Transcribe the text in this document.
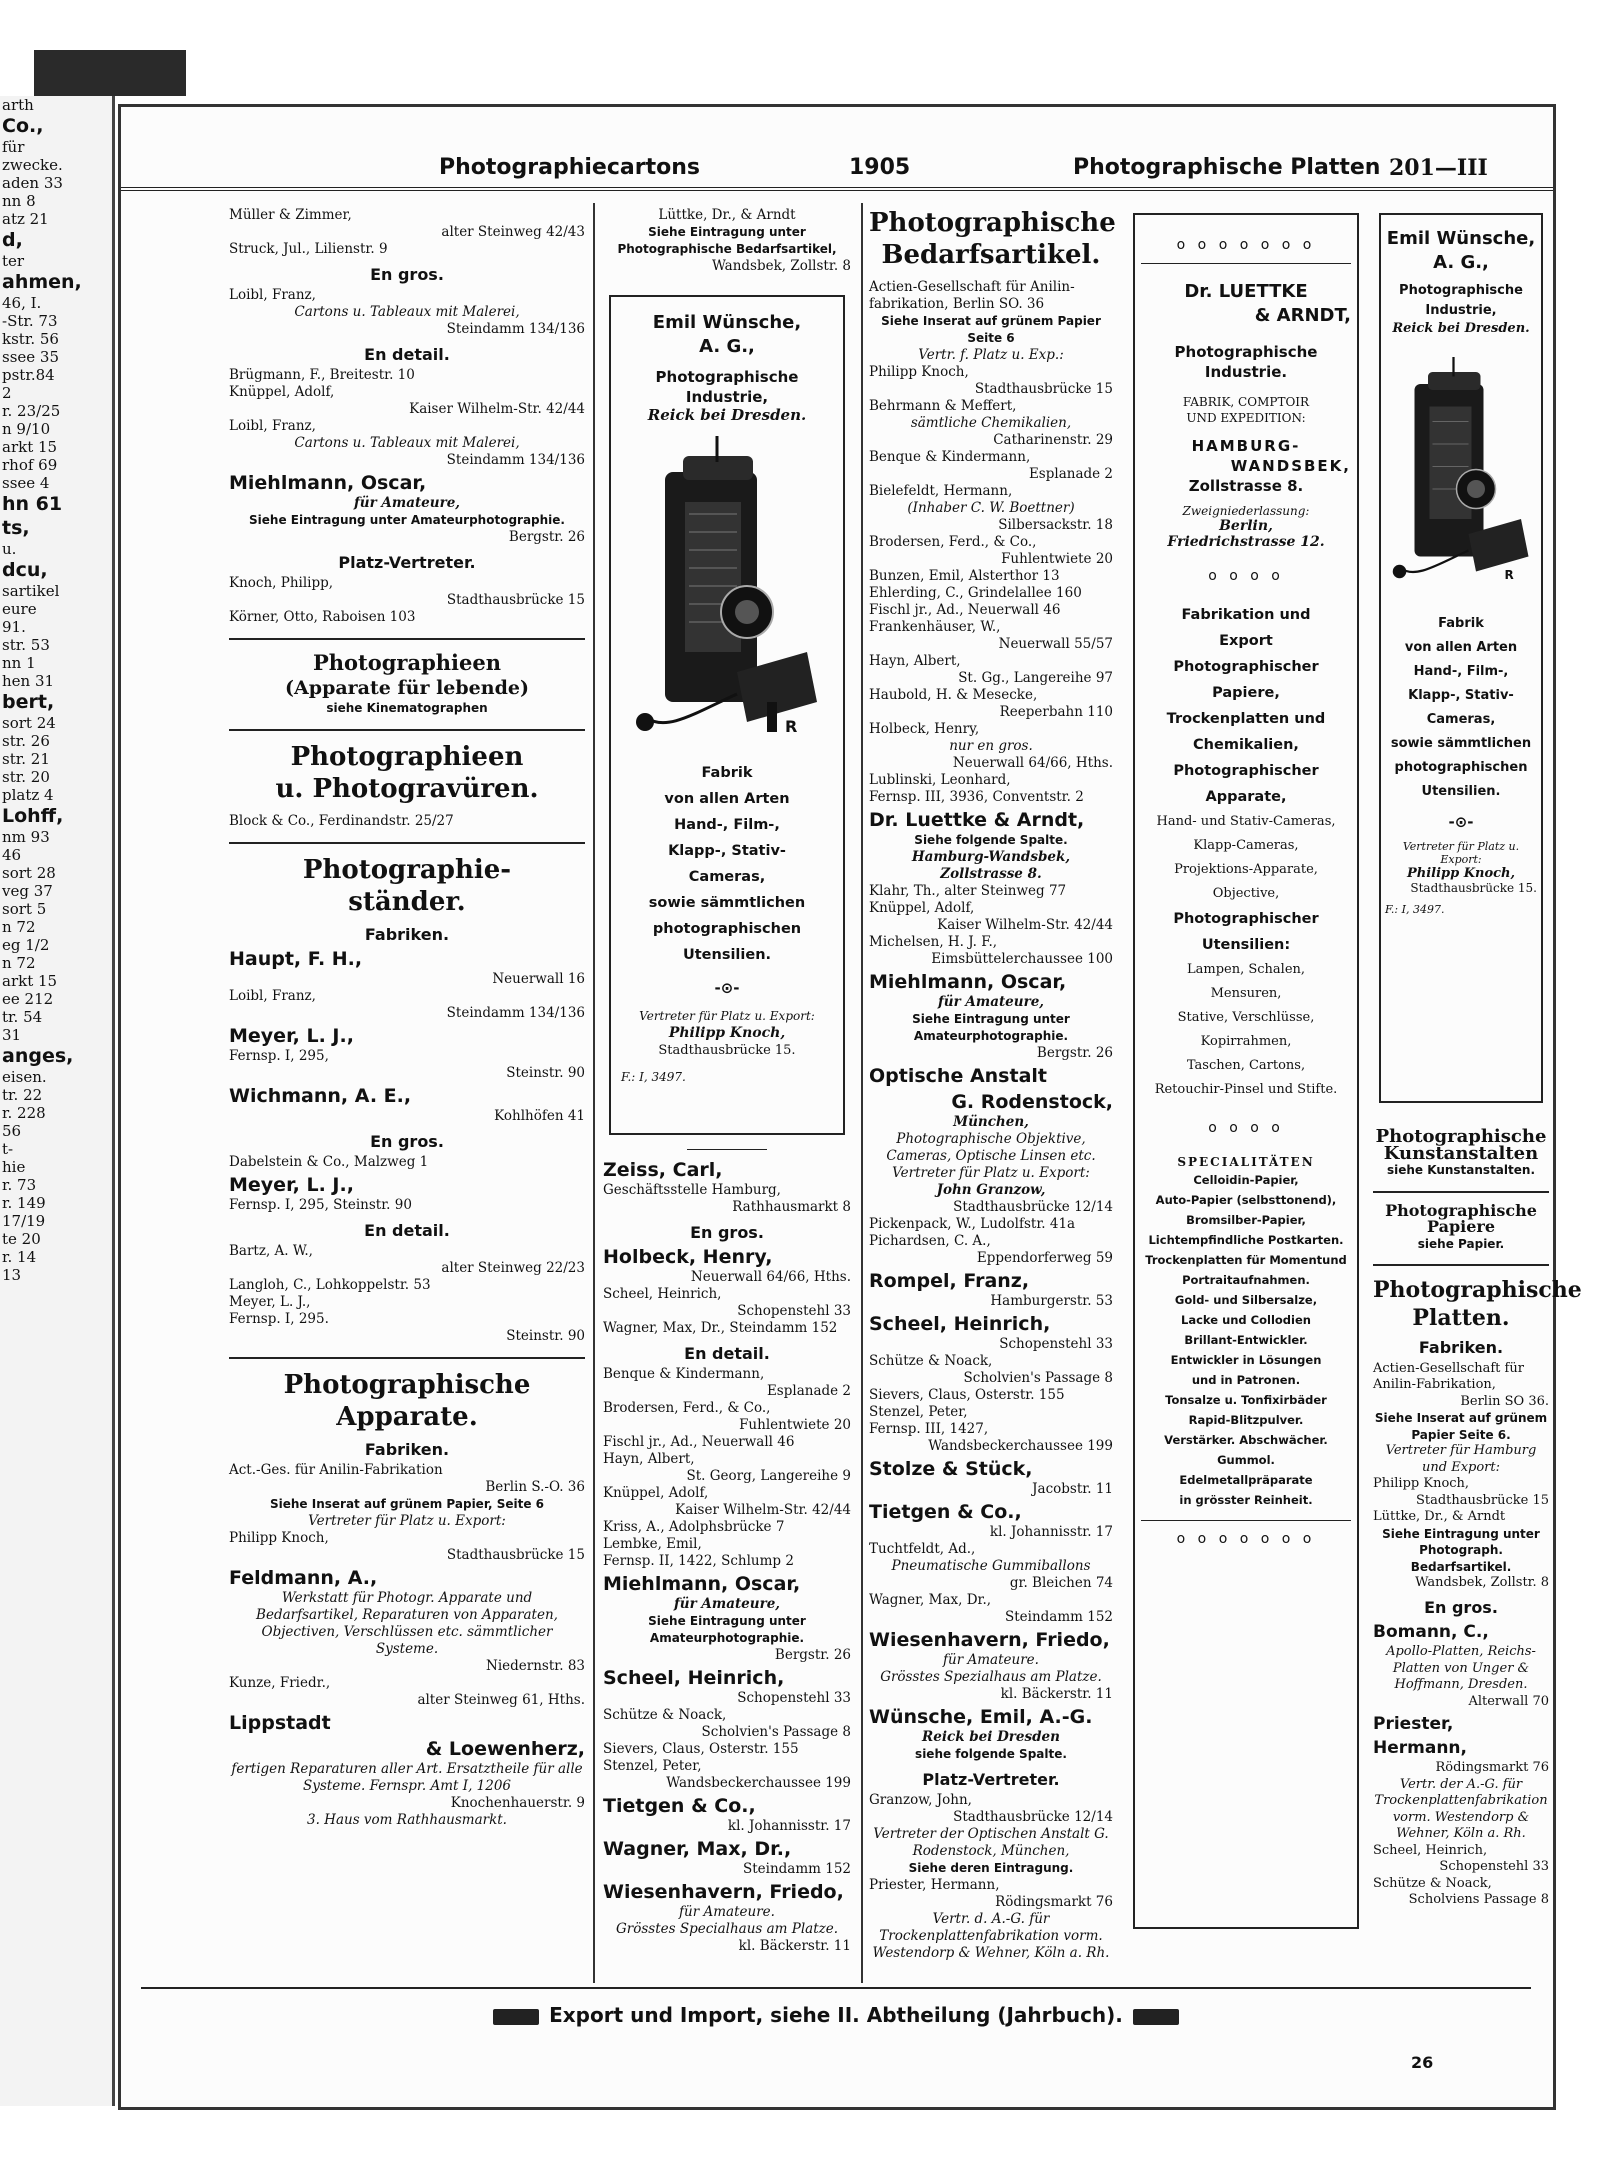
arth
Co.,
für
zwecke.
aden 33
nn 8
atz 21
d,
ter
ahmen,
46, I.
-Str. 73
kstr. 56
ssee 35
pstr.84
2
r. 23/25
n 9/10
arkt 15
rhof 69
ssee 4
hn 61
ts,
u.
dcu,
sartikel
eure
91.
str. 53
nn 1
hen 31
bert,
sort 24
str. 26
str. 21
str. 20
platz 4
Lohff,
nm 93
46
sort 28
veg 37
sort 5
n 72
eg 1/2
n 72
arkt 15
ee 212
tr. 54
31
anges,
eisen.
tr. 22
r. 228
56
t-
hie
r. 73
r. 149
17/19
te 20
r. 14
13
Photographiecartons	1905	Photographische Platten 201—III
Müller & Zimmer,
alter Steinweg 42/43
Struck, Jul., Lilienstr. 9
En gros.
Loibl, Franz,
Cartons u. Tableaux mit Malerei,
Steindamm 134/136
En detail.
Brügmann, F., Breitestr. 10
Knüppel, Adolf,
Kaiser Wilhelm-Str. 42/44
Loibl, Franz,
Cartons u. Tableaux mit Malerei,
Steindamm 134/136
Miehlmann, Oscar,
für Amateure,
Siehe Eintragung unter Amateurphotographie.
Bergstr. 26
Platz-Vertreter.
Knoch, Philipp,
Stadthausbrücke 15
Körner, Otto, Raboisen 103
Photographieen
(Apparate für lebende)
siehe Kinematographen
Photographieen
u. Photogravüren.
Block & Co., Ferdinandstr. 25/27
Photographie-
ständer.
Fabriken.
Haupt, F. H.,
Neuerwall 16
Loibl, Franz,
Steindamm 134/136
Meyer, L. J.,
Fernsp. I, 295,
Steinstr. 90
Wichmann, A. E.,
Kohlhöfen 41
En gros.
Dabelstein & Co., Malzweg 1
Meyer, L. J.,
Fernsp. I, 295, Steinstr. 90
En detail.
Bartz, A. W.,
alter Steinweg 22/23
Langloh, C., Lohkoppelstr. 53
Meyer, L. J.,
Fernsp. I, 295.
Steinstr. 90
Photographische
Apparate.
Fabriken.
Act.-Ges. für Anilin-Fabrikation
Berlin S.-O. 36
Siehe Inserat auf grünem Papier, Seite 6
Vertreter für Platz u. Export:
Philipp Knoch,
Stadthausbrücke 15
Feldmann, A.,
Werkstatt für Photogr. Apparate und Bedarfsartikel, Reparaturen von Apparaten, Objectiven, Verschlüssen etc. sämmtlicher Systeme.
Niedernstr. 83
Kunze, Friedr.,
alter Steinweg 61, Hths.
Lippstadt
& Loewenherz,
fertigen Reparaturen aller Art. Ersatztheile für alle Systeme. Fernspr. Amt I, 1206
Knochenhauerstr. 9
3. Haus vom Rathhausmarkt.
Lüttke, Dr., & Arndt
Siehe Eintragung unter Photographische Bedarfsartikel,
Wandsbek, Zollstr. 8
Emil Wünsche,
A. G.,
Photographische
Industrie,
Reick bei Dresden.
R
Fabrik
von allen Arten
Hand-, Film-,
Klapp-, Stativ-
Cameras,
sowie sämmtlichen
photographischen
Utensilien.
-⊙-
Vertreter für Platz u. Export:
Philipp Knoch,
Stadthausbrücke 15.
F.: I, 3497.
Zeiss, Carl,
Geschäftsstelle Hamburg,
Rathhausmarkt 8
En gros.
Holbeck, Henry,
Neuerwall 64/66, Hths.
Scheel, Heinrich,
Schopenstehl 33
Wagner, Max, Dr., Steindamm 152
En detail.
Benque & Kindermann,
Esplanade 2
Brodersen, Ferd., & Co.,
Fuhlentwiete 20
Fischl jr., Ad., Neuerwall 46
Hayn, Albert,
St. Georg, Langereihe 9
Knüppel, Adolf,
Kaiser Wilhelm-Str. 42/44
Kriss, A., Adolphsbrücke 7
Lembke, Emil,
Fernsp. II, 1422, Schlump 2
Miehlmann, Oscar,
für Amateure,
Siehe Eintragung unter Amateurphotographie.
Bergstr. 26
Scheel, Heinrich,
Schopenstehl 33
Schütze & Noack,
Scholvien's Passage 8
Sievers, Claus, Osterstr. 155
Stenzel, Peter,
Wandsbeckerchaussee 199
Tietgen & Co.,
kl. Johannisstr. 17
Wagner, Max, Dr.,
Steindamm 152
Wiesenhavern, Friedo,
für Amateure.
Grösstes Specialhaus am Platze.
kl. Bäckerstr. 11
Photographische
Bedarfsartikel.
Actien-Gesellschaft für Anilin-fabrikation, Berlin SO. 36
Siehe Inserat auf grünem Papier Seite 6
Vertr. f. Platz u. Exp.:
Philipp Knoch,
Stadthausbrücke 15
Behrmann & Meffert,
sämtliche Chemikalien,
Catharinenstr. 29
Benque & Kindermann,
Esplanade 2
Bielefeldt, Hermann,
(Inhaber C. W. Boettner)
Silbersackstr. 18
Brodersen, Ferd., & Co.,
Fuhlentwiete 20
Bunzen, Emil, Alsterthor 13
Ehlerding, C., Grindelallee 160
Fischl jr., Ad., Neuerwall 46
Frankenhäuser, W.,
Neuerwall 55/57
Hayn, Albert,
St. Gg., Langereihe 97
Haubold, H. & Mesecke,
Reeperbahn 110
Holbeck, Henry,
nur en gros.
Neuerwall 64/66, Hths.
Lublinski, Leonhard,
Fernsp. III, 3936, Conventstr. 2
Dr. Luettke & Arndt,
Siehe folgende Spalte.
Hamburg-Wandsbek, Zollstrasse 8.
Klahr, Th., alter Steinweg 77
Knüppel, Adolf,
Kaiser Wilhelm-Str. 42/44
Michelsen, H. J. F.,
Eimsbüttelerchaussee 100
Miehlmann, Oscar,
für Amateure,
Siehe Eintragung unter Amateurphotographie.
Bergstr. 26
Optische Anstalt
G. Rodenstock,
München,
Photographische Objektive, Cameras, Optische Linsen etc.
Vertreter für Platz u. Export:
John Granzow,
Stadthausbrücke 12/14
Pickenpack, W., Ludolfstr. 41a
Pichardsen, C. A.,
Eppendorferweg 59
Rompel, Franz,
Hamburgerstr. 53
Scheel, Heinrich,
Schopenstehl 33
Schütze & Noack,
Scholvien's Passage 8
Sievers, Claus, Osterstr. 155
Stenzel, Peter,
Fernsp. III, 1427,
Wandsbeckerchaussee 199
Stolze & Stück,
Jacobstr. 11
Tietgen & Co.,
kl. Johannisstr. 17
Tuchtfeldt, Ad.,
Pneumatische Gummiballons
gr. Bleichen 74
Wagner, Max, Dr.,
Steindamm 152
Wiesenhavern, Friedo,
für Amateure.
Grösstes Spezialhaus am Platze.
kl. Bäckerstr. 11
Wünsche, Emil, A.-G.
Reick bei Dresden
siehe folgende Spalte.
Platz-Vertreter.
Granzow, John,
Stadthausbrücke 12/14
Vertreter der Optischen Anstalt G. Rodenstock, München,
Siehe deren Eintragung.
Priester, Hermann,
Rödingsmarkt 76
Vertr. d. A.-G. für Trockenplattenfabrikation vorm. Westendorp & Wehner, Köln a. Rh.
o o o o o o o
Dr. LUETTKE
& ARNDT,
Photographische
Industrie.
FABRIK, COMPTOIR
UND EXPEDITION:
HAMBURG-
WANDSBEK,
Zollstrasse 8.
Zweigniederlassung:
Berlin,
Friedrichstrasse 12.
o o o o
Fabrikation und
Export
Photographischer
Papiere,
Trockenplatten und
Chemikalien,
Photographischer
Apparate,
Hand- und Stativ-Cameras,
Klapp-Cameras,
Projektions-Apparate,
Objective,
Photographischer
Utensilien:
Lampen, Schalen,
Mensuren,
Stative, Verschlüsse,
Kopirrahmen,
Taschen, Cartons,
Retouchir-Pinsel und Stifte.
o o o o
SPECIALITÄTEN
Celloidin-Papier,
Auto-Papier (selbsttonend),
Bromsilber-Papier, Lichtempfindliche Postkarten.
Trockenplatten für Momentund Portraitaufnahmen.
Gold- und Silbersalze,
Lacke und Collodien
Brillant-Entwickler.
Entwickler in Lösungen
und in Patronen.
Tonsalze u. Tonfixirbäder
Rapid-Blitzpulver.
Verstärker. Abschwächer.
Gummol.
Edelmetallpräparate
in grösster Reinheit.
o o o o o o o
Emil Wünsche,
A. G.,
Photographische
Industrie,
Reick bei Dresden.
R
Fabrik
von allen Arten
Hand-, Film-,
Klapp-, Stativ-
Cameras,
sowie sämmtlichen
photographischen
Utensilien.
-⊙-
Vertreter für Platz u. Export:
Philipp Knoch,
Stadthausbrücke 15.
F.: I, 3497.
Photographische
Kunstanstalten
siehe Kunstanstalten.
Photographische Papiere
siehe Papier.
Photographische
Platten.
Fabriken.
Actien-Gesellschaft für Anilin-Fabrikation,
Berlin SO 36.
Siehe Inserat auf grünem Papier Seite 6.
Vertreter für Hamburg und Export:
Philipp Knoch,
Stadthausbrücke 15
Lüttke, Dr., & Arndt
Siehe Eintragung unter Photograph. Bedarfsartikel.
Wandsbek, Zollstr. 8
En gros.
Bomann, C.,
Apollo-Platten, Reichs-Platten von Unger & Hoffmann, Dresden.
Alterwall 70
Priester, Hermann,
Rödingsmarkt 76
Vertr. der A.-G. für Trockenplattenfabrikation vorm. Westendorp & Wehner, Köln a. Rh.
Scheel, Heinrich,
Schopenstehl 33
Schütze & Noack,
Scholviens Passage 8
Export und Import, siehe II. Abtheilung (Jahrbuch).
26
